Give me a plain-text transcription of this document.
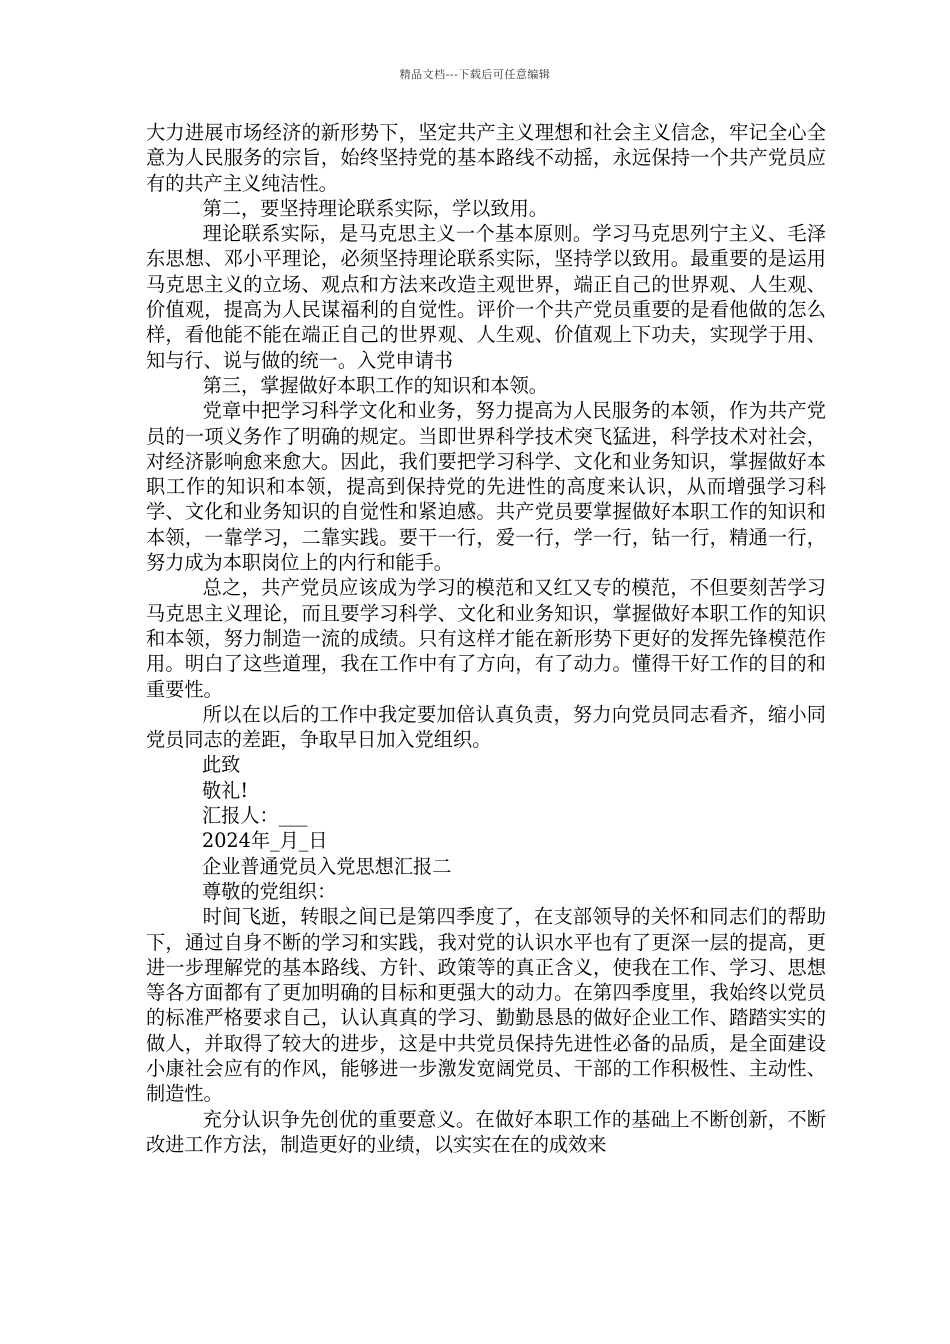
精品文档---下载后可任意编辑

大力进展市场经济的新形势下，坚定共产主义理想和社会主义信念，牢记全心全意为人民服务的宗旨，始终坚持党的基本路线不动摇，永远保持一个共产党员应有的共产主义纯洁性。

第二，要坚持理论联系实际，学以致用。

理论联系实际，是马克思主义一个基本原则。学习马克思列宁主义、毛泽东思想、邓小平理论，必须坚持理论联系实际，坚持学以致用。最重要的是运用马克思主义的立场、观点和方法来改造主观世界，端正自己的世界观、人生观、价值观，提高为人民谋福利的自觉性。评价一个共产党员重要的是看他做的怎么样，看他能不能在端正自己的世界观、人生观、价值观上下功夫，实现学于用、知与行、说与做的统一。入党申请书

第三，掌握做好本职工作的知识和本领。

党章中把学习科学文化和业务，努力提高为人民服务的本领，作为共产党员的一项义务作了明确的规定。当即世界科学技术突飞猛进，科学技术对社会，对经济影响愈来愈大。因此，我们要把学习科学、文化和业务知识，掌握做好本职工作的知识和本领，提高到保持党的先进性的高度来认识，从而增强学习科学、文化和业务知识的自觉性和紧迫感。共产党员要掌握做好本职工作的知识和本领，一靠学习，二靠实践。要干一行，爱一行，学一行，钻一行，精通一行，努力成为本职岗位上的内行和能手。

总之，共产党员应该成为学习的模范和又红又专的模范，不但要刻苦学习马克思主义理论，而且要学习科学、文化和业务知识，掌握做好本职工作的知识和本领，努力制造一流的成绩。只有这样才能在新形势下更好的发挥先锋模范作用。明白了这些道理，我在工作中有了方向，有了动力。懂得干好工作的目的和重要性。

所以在以后的工作中我定要加倍认真负责，努力向党员同志看齐，缩小同党员同志的差距，争取早日加入党组织。

此致

敬礼!

汇报人：___

2024年_月_日

企业普通党员入党思想汇报二

尊敬的党组织：

时间飞逝，转眼之间已是第四季度了，在支部领导的关怀和同志们的帮助下，通过自身不断的学习和实践，我对党的认识水平也有了更深一层的提高，更进一步理解党的基本路线、方针、政策等的真正含义，使我在工作、学习、思想等各方面都有了更加明确的目标和更强大的动力。在第四季度里，我始终以党员的标准严格要求自己，认认真真的学习、勤勤恳恳的做好企业工作、踏踏实实的做人，并取得了较大的进步，这是中共党员保持先进性必备的品质，是全面建设小康社会应有的作风，能够进一步激发宽阔党员、干部的工作积极性、主动性、制造性。

充分认识争先创优的重要意义。在做好本职工作的基础上不断创新，不断改进工作方法，制造更好的业绩，以实实在在的成效来
